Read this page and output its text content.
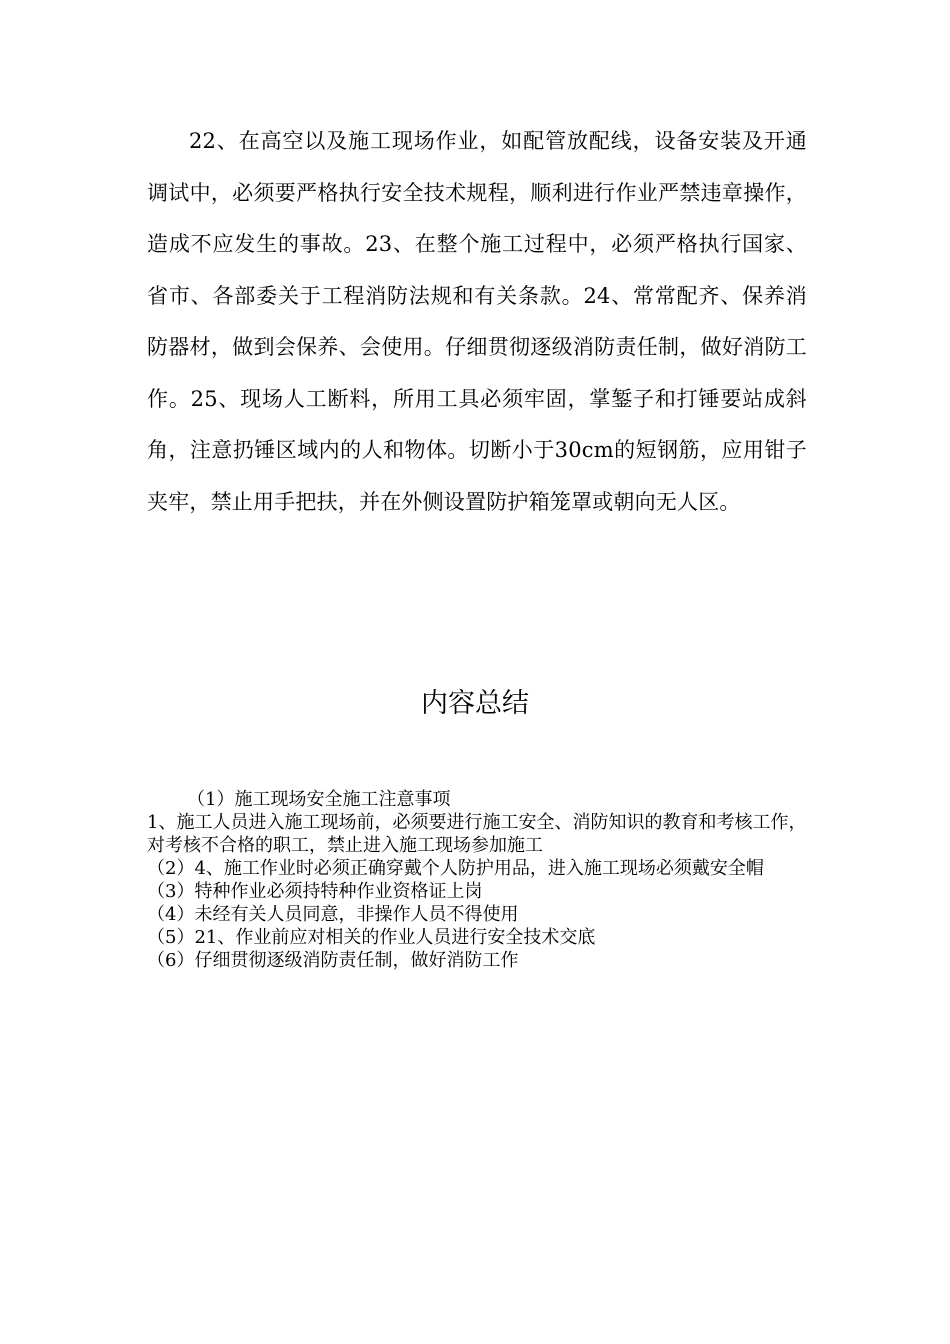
22、在高空以及施工现场作业，如配管放配线，设备安装及开通调试中，必须要严格执行安全技术规程，顺利进行作业严禁违章操作，造成不应发生的事故。23、在整个施工过程中，必须严格执行国家、省市、各部委关于工程消防法规和有关条款。24、常常配齐、保养消防器材，做到会保养、会使用。仔细贯彻逐级消防责任制，做好消防工作。25、现场人工断料，所用工具必须牢固，掌錾子和打锤要站成斜角，注意扔锤区域内的人和物体。切断小于30cm的短钢筋，应用钳子夹牢，禁止用手把扶，并在外侧设置防护箱笼罩或朝向无人区。

内容总结
（1）施工现场安全施工注意事项
1、施工人员进入施工现场前，必须要进行施工安全、消防知识的教育和考核工作，对考核不合格的职工，禁止进入施工现场参加施工
（2）4、施工作业时必须正确穿戴个人防护用品，进入施工现场必须戴安全帽
（3）特种作业必须持特种作业资格证上岗
（4）未经有关人员同意，非操作人员不得使用
（5）21、作业前应对相关的作业人员进行安全技术交底
（6）仔细贯彻逐级消防责任制，做好消防工作
